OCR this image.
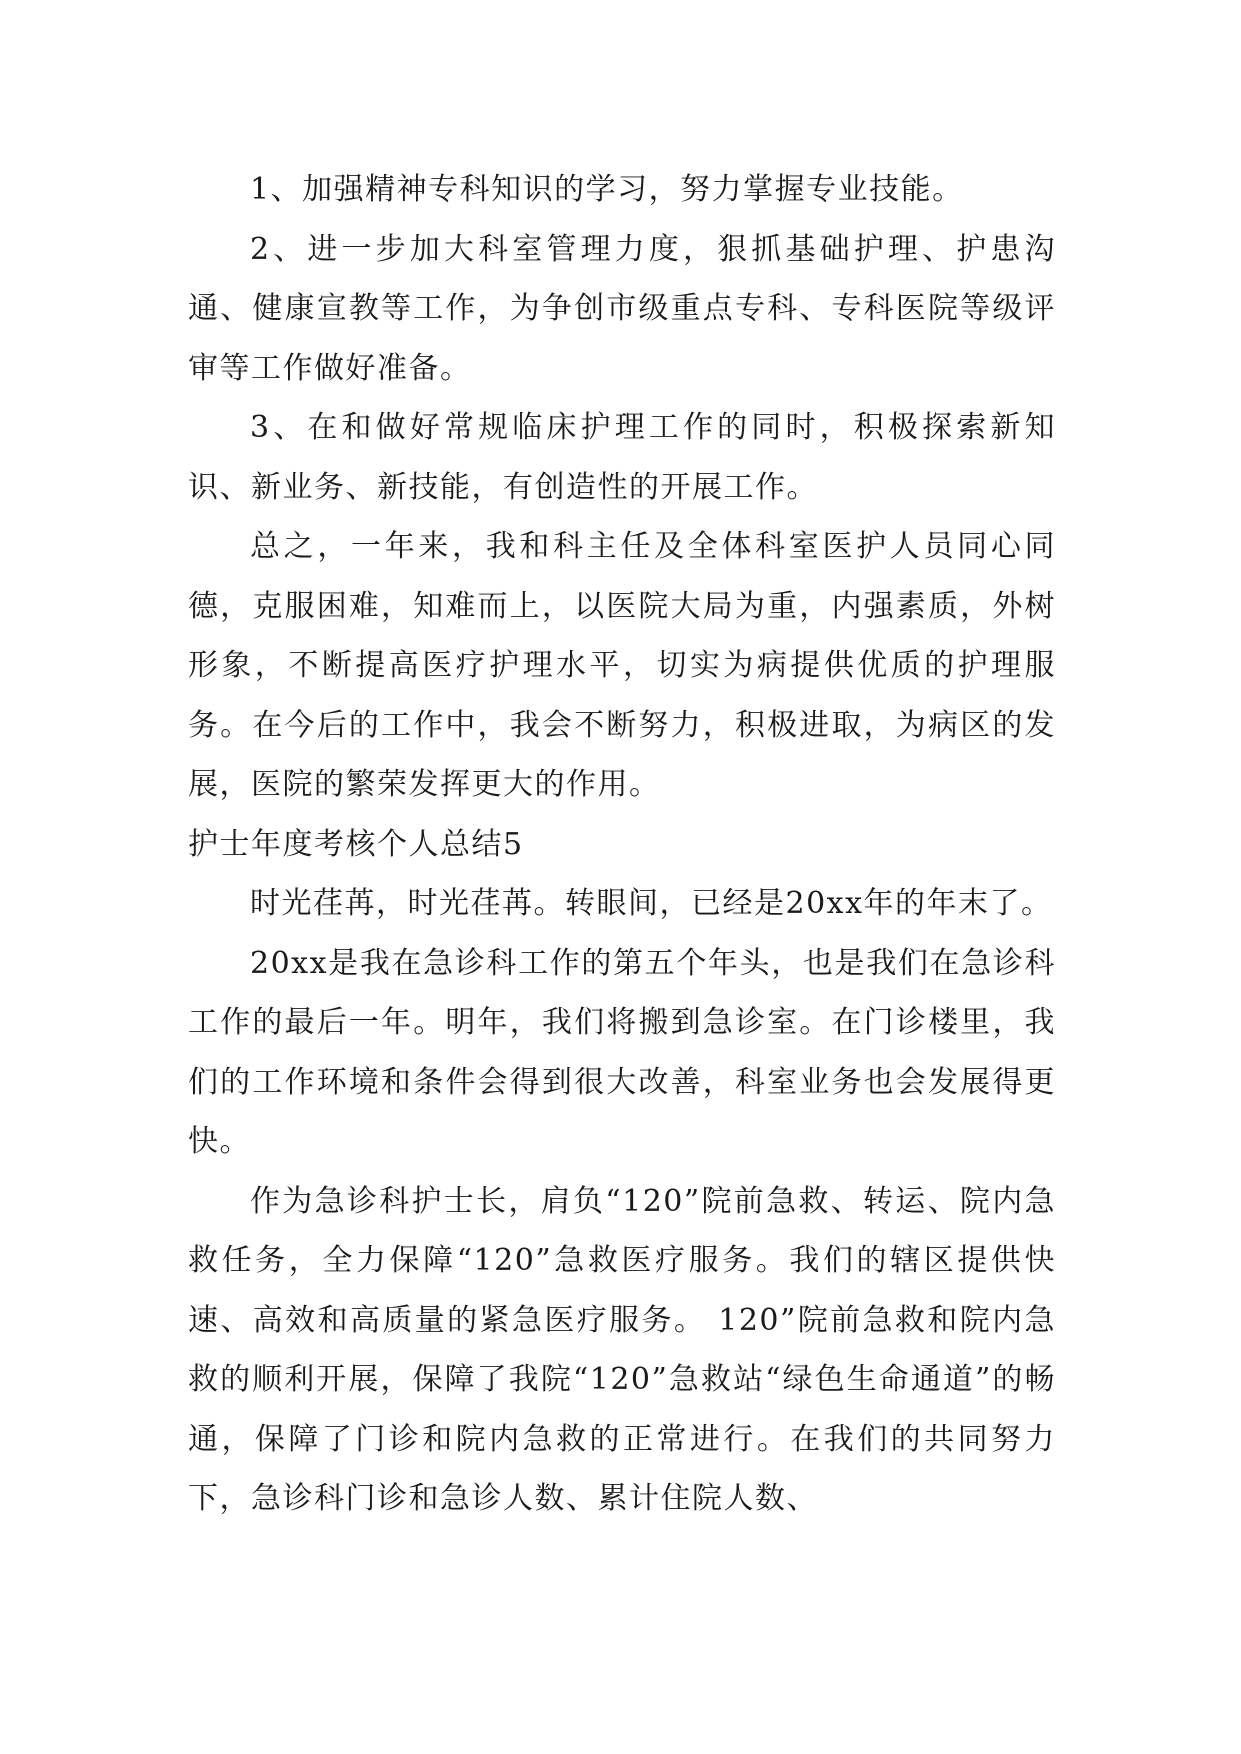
1、加强精神专科知识的学习，努力掌握专业技能。

2、进一步加大科室管理力度，狠抓基础护理、护患沟通、健康宣教等工作，为争创市级重点专科、专科医院等级评审等工作做好准备。

3、在和做好常规临床护理工作的同时，积极探索新知识、新业务、新技能，有创造性的开展工作。

总之，一年来，我和科主任及全体科室医护人员同心同德，克服困难，知难而上，以医院大局为重，内强素质，外树形象，不断提高医疗护理水平，切实为病提供优质的护理服务。在今后的工作中，我会不断努力，积极进取，为病区的发展，医院的繁荣发挥更大的作用。

护士年度考核个人总结5

时光荏苒，时光荏苒。转眼间，已经是20xx年的年末了。

20xx是我在急诊科工作的第五个年头，也是我们在急诊科工作的最后一年。明年，我们将搬到急诊室。在门诊楼里，我们的工作环境和条件会得到很大改善，科室业务也会发展得更快。

作为急诊科护士长，肩负“120”院前急救、转运、院内急救任务，全力保障“120”急救医疗服务。我们的辖区提供快速、高效和高质量的紧急医疗服务。 120”院前急救和院内急救的顺利开展，保障了我院“120”急救站“绿色生命通道”的畅通，保障了门诊和院内急救的正常进行。在我们的共同努力下，急诊科门诊和急诊人数、累计住院人数、
